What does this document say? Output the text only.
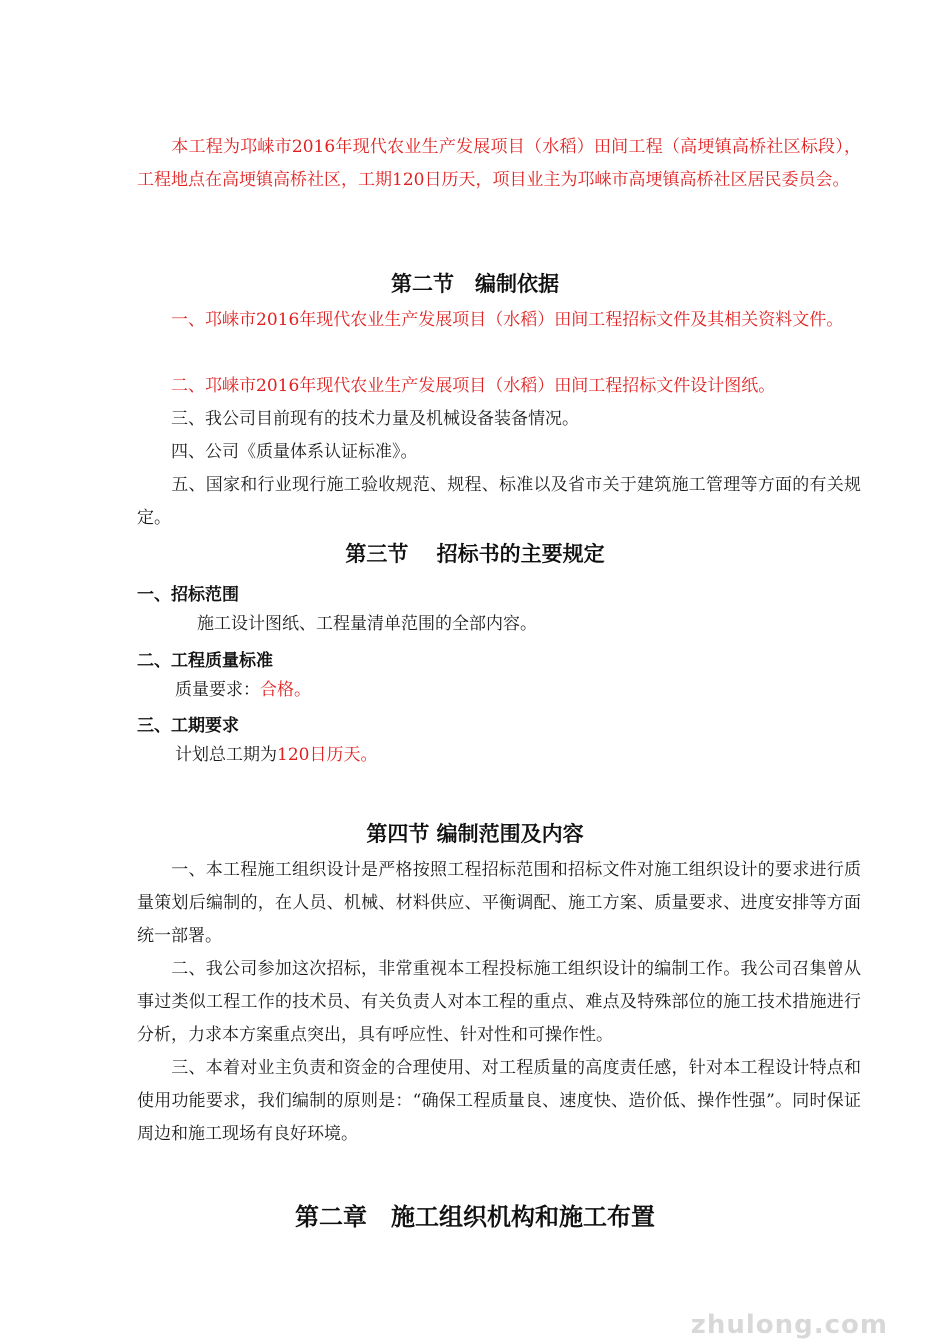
本工程为邛崃市2016年现代农业生产发展项目（水稻）田间工程（高埂镇高桥社区标段），工程地点在高埂镇高桥社区，工期120日历天，项目业主为邛崃市高埂镇高桥社区居民委员会。

第二节　编制依据

一、邛崃市2016年现代农业生产发展项目（水稻）田间工程招标文件及其相关资料文件。

二、邛崃市2016年现代农业生产发展项目（水稻）田间工程招标文件设计图纸。

三、我公司目前现有的技术力量及机械设备装备情况。

四、公司《质量体系认证标准》。

五、国家和行业现行施工验收规范、规程、标准以及省市关于建筑施工管理等方面的有关规定。

第三节　 招标书的主要规定

一、招标范围

施工设计图纸、工程量清单范围的全部内容。

二、工程质量标准

质量要求：合格。

三、工期要求

计划总工期为120日历天。

第四节 编制范围及内容

一、本工程施工组织设计是严格按照工程招标范围和招标文件对施工组织设计的要求进行质量策划后编制的，在人员、机械、材料供应、平衡调配、施工方案、质量要求、进度安排等方面统一部署。

二、我公司参加这次招标，非常重视本工程投标施工组织设计的编制工作。我公司召集曾从事过类似工程工作的技术员、有关负责人对本工程的重点、难点及特殊部位的施工技术措施进行分析，力求本方案重点突出，具有呼应性、针对性和可操作性。

三、本着对业主负责和资金的合理使用、对工程质量的高度责任感，针对本工程设计特点和使用功能要求，我们编制的原则是：“确保工程质量良、速度快、造价低、操作性强”。同时保证周边和施工现场有良好环境。

第二章　施工组织机构和施工布置
zhulong.com
